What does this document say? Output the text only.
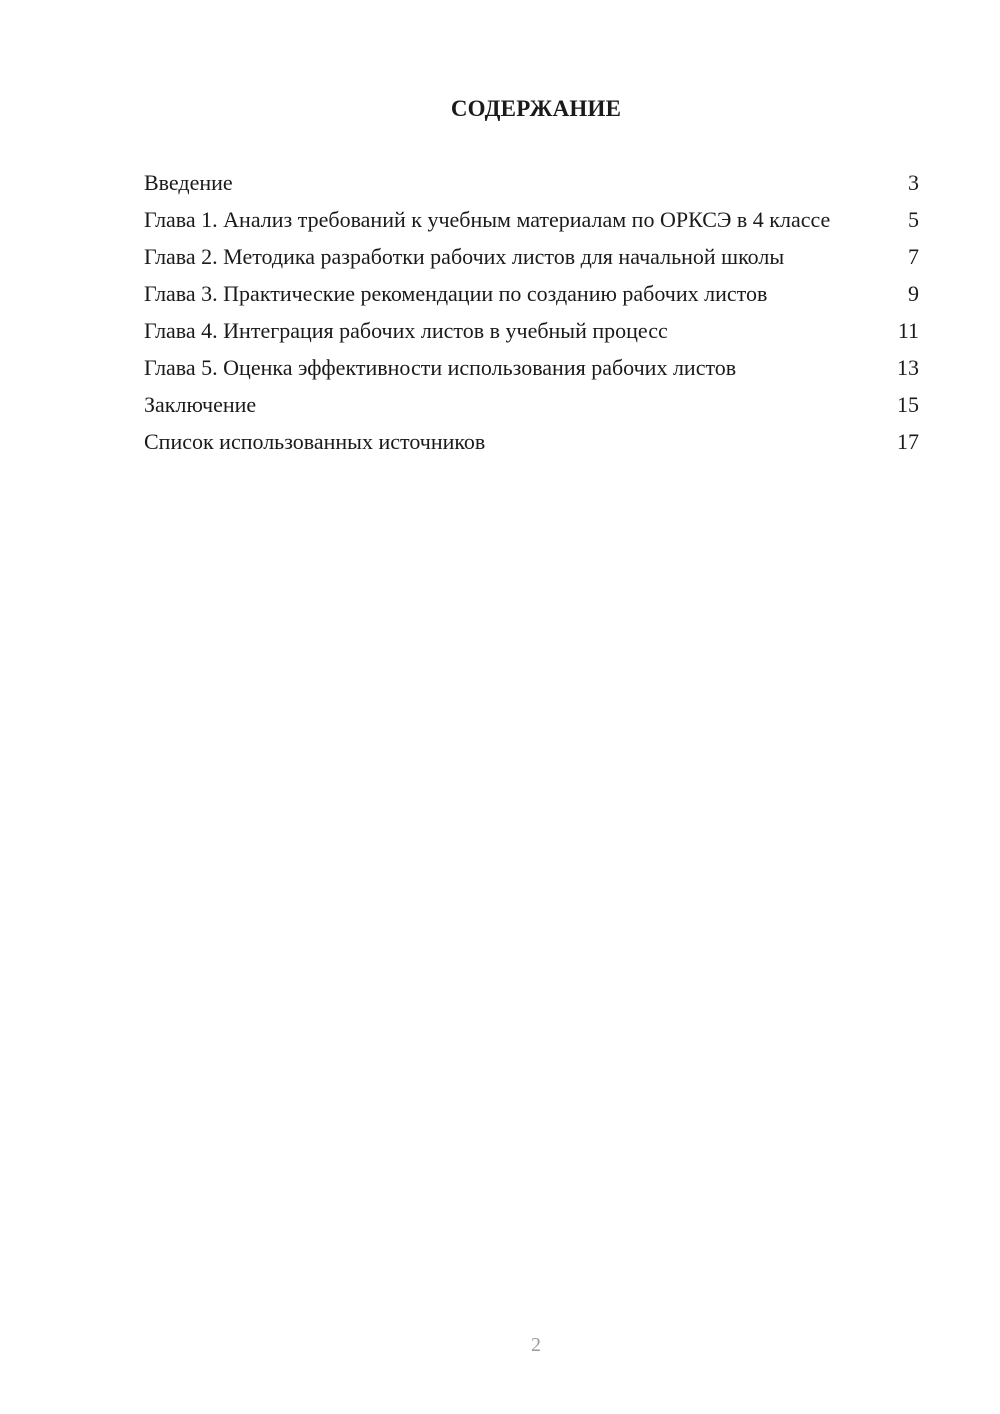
СОДЕРЖАНИЕ
Введение	3
Глава 1. Анализ требований к учебным материалам по ОРКСЭ в 4 классе	5
Глава 2. Методика разработки рабочих листов для начальной школы	7
Глава 3. Практические рекомендации по созданию рабочих листов	9
Глава 4. Интеграция рабочих листов в учебный процесс	11
Глава 5. Оценка эффективности использования рабочих листов	13
Заключение	15
Список использованных источников	17
2
